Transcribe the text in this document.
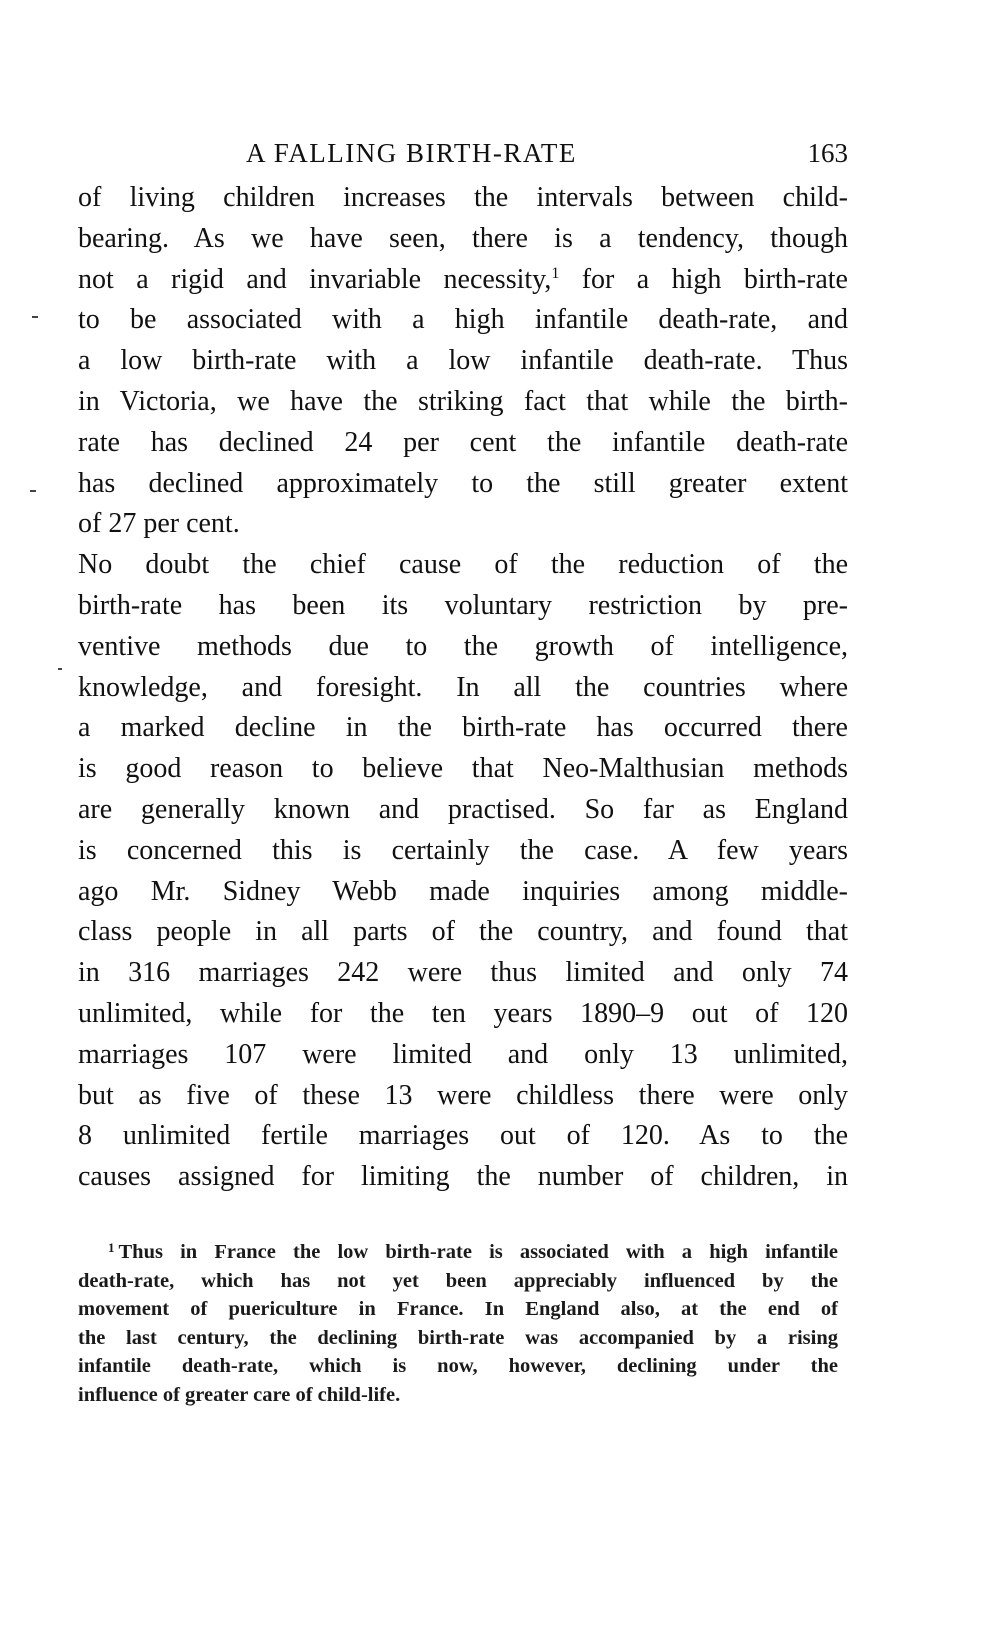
A FALLING BIRTH-RATE	163
of living children increases the intervals between child-
bearing. As we have seen, there is a tendency, though
not a rigid and invariable necessity,$^1$ for a high birth-rate
to be associated with a high infantile death-rate, and
a low birth-rate with a low infantile death-rate. Thus
in Victoria, we have the striking fact that while the birth-
rate has declined 24 per cent the infantile death-rate
has declined approximately to the still greater extent
of 27 per cent.
No doubt the chief cause of the reduction of the
birth-rate has been its voluntary restriction by pre-
ventive methods due to the growth of intelligence,
knowledge, and foresight. In all the countries where
a marked decline in the birth-rate has occurred there
is good reason to believe that Neo-Malthusian methods
are generally known and practised. So far as England
is concerned this is certainly the case. A few years
ago Mr. Sidney Webb made inquiries among middle-
class people in all parts of the country, and found that
in 316 marriages 242 were thus limited and only 74
unlimited, while for the ten years 1890–9 out of 120
marriages 107 were limited and only 13 unlimited,
but as five of these 13 were childless there were only
8 unlimited fertile marriages out of 120. As to the
causes assigned for limiting the number of children, in
$^1$ Thus in France the low birth-rate is associated with a high infantile
death-rate, which has not yet been appreciably influenced by the
movement of puericulture in France. In England also, at the end of
the last century, the declining birth-rate was accompanied by a rising
infantile death-rate, which is now, however, declining under the
influence of greater care of child-life.
